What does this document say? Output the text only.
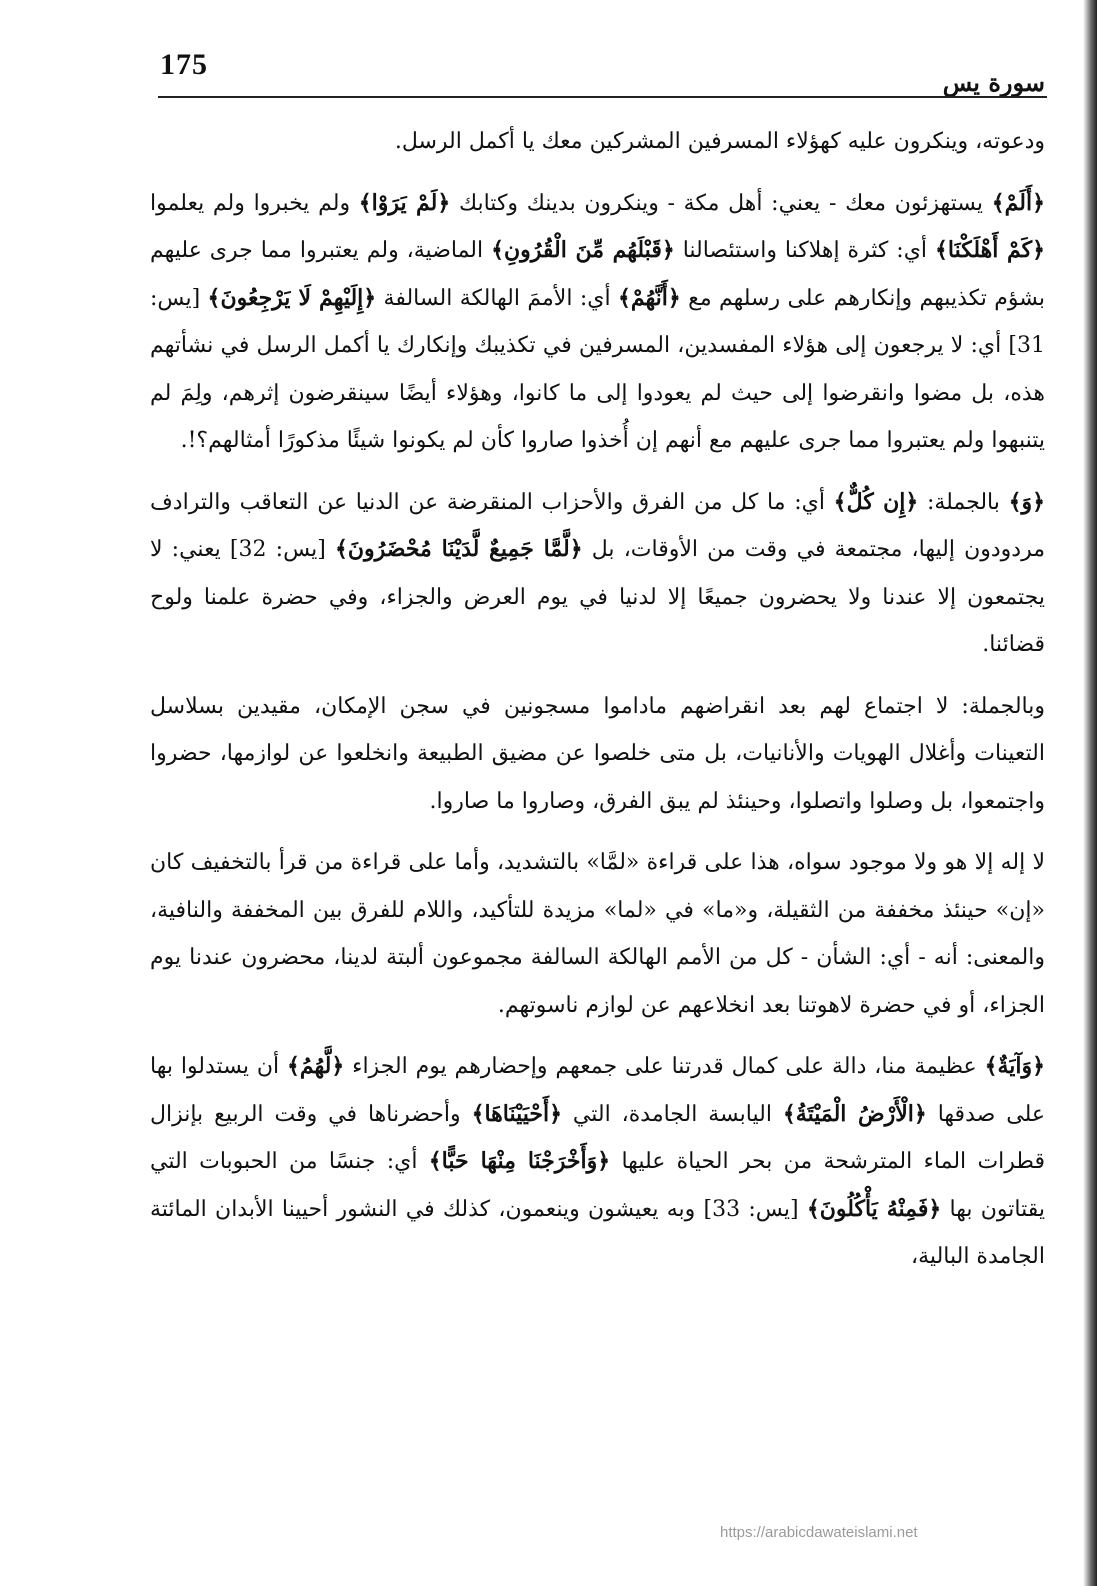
175
سورة يس

ودعوته، وينكرون عليه كهؤلاء المسرفين المشركين معك يا أكمل الرسل.

﴿أَلَمْ﴾ يستهزئون معك - يعني: أهل مكة - وينكرون بدينك وكتابك ﴿لَمْ يَرَوْا﴾ ولم يخبروا ولم يعلموا ﴿كَمْ أَهْلَكْنَا﴾ أي: كثرة إهلاكنا واستئصالنا ﴿قَبْلَهُم مِّنَ الْقُرُونِ﴾ الماضية، ولم يعتبروا مما جرى عليهم بشؤم تكذيبهم وإنكارهم على رسلهم مع ﴿أَنَّهُمْ﴾ أي: الأممَ الهالكة السالفة ﴿إِلَيْهِمْ لَا يَرْجِعُونَ﴾ [يس: 31] أي: لا يرجعون إلى هؤلاء المفسدين، المسرفين في تكذيبك وإنكارك يا أكمل الرسل في نشأتهم هذه، بل مضوا وانقرضوا إلى حيث لم يعودوا إلى ما كانوا، وهؤلاء أيضًا سينقرضون إثرهم، ولِمَ لم يتنبهوا ولم يعتبروا مما جرى عليهم مع أنهم إن أُخذوا صاروا كأن لم يكونوا شيئًا مذكورًا أمثالهم؟!.

﴿وَ﴾ بالجملة: ﴿إِن كُلٌّ﴾ أي: ما كل من الفرق والأحزاب المنقرضة عن الدنيا عن التعاقب والترادف مردودون إليها، مجتمعة في وقت من الأوقات، بل ﴿لَّمَّا جَمِيعٌ لَّدَيْنَا مُحْضَرُونَ﴾ [يس: 32] يعني: لا يجتمعون إلا عندنا ولا يحضرون جميعًا إلا لدنيا في يوم العرض والجزاء، وفي حضرة علمنا ولوح قضائنا.

وبالجملة: لا اجتماع لهم بعد انقراضهم ماداموا مسجونين في سجن الإمكان، مقيدين بسلاسل التعينات وأغلال الهويات والأنانيات، بل متى خلصوا عن مضيق الطبيعة وانخلعوا عن لوازمها، حضروا واجتمعوا، بل وصلوا واتصلوا، وحينئذ لم يبق الفرق، وصاروا ما صاروا.

لا إله إلا هو ولا موجود سواه، هذا على قراءة «لمَّا» بالتشديد، وأما على قراءة من قرأ بالتخفيف كان «إن» حينئذ مخففة من الثقيلة، و«ما» في «لما» مزيدة للتأكيد، واللام للفرق بين المخففة والنافية، والمعنى: أنه - أي: الشأن - كل من الأمم الهالكة السالفة مجموعون ألبتة لدينا، محضرون عندنا يوم الجزاء، أو في حضرة لاهوتنا بعد انخلاعهم عن لوازم ناسوتهم.

﴿وَآيَةٌ﴾ عظيمة منا، دالة على كمال قدرتنا على جمعهم وإحضارهم يوم الجزاء ﴿لَّهُمُ﴾ أن يستدلوا بها على صدقها ﴿الْأَرْضُ الْمَيْتَةُ﴾ اليابسة الجامدة، التي ﴿أَحْيَيْنَاهَا﴾ وأحضرناها في وقت الربيع بإنزال قطرات الماء المترشحة من بحر الحياة عليها ﴿وَأَخْرَجْنَا مِنْهَا حَبًّا﴾ أي: جنسًا من الحبوبات التي يقتاتون بها ﴿فَمِنْهُ يَأْكُلُونَ﴾ [يس: 33] وبه يعيشون وينعمون، كذلك في النشور أحيينا الأبدان المائتة الجامدة البالية،

https://arabicdawateislami.net
